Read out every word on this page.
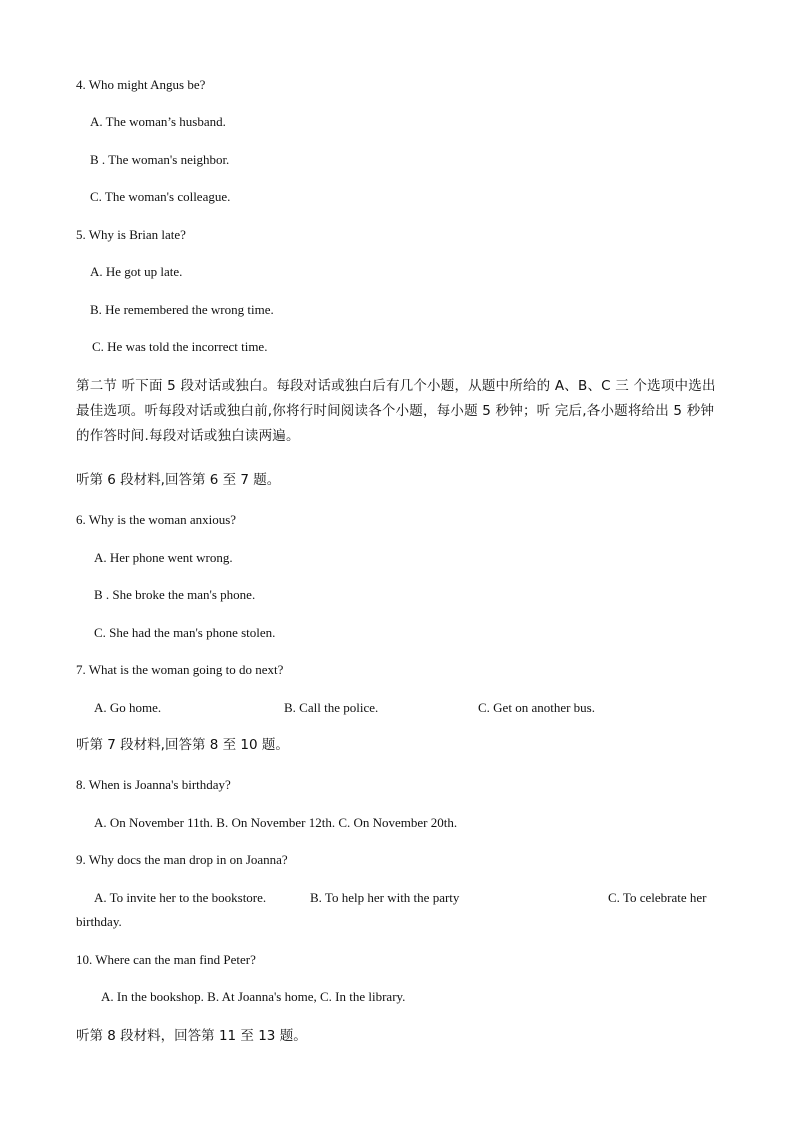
4. Who might Angus be?
A. The woman’s husband.
B . The woman's neighbor.
C. The woman's colleague.
5. Why is Brian late?
A. He got up late.
B. He remembered the wrong time.
C. He was told the incorrect time.
第二节 听下面 5 段对话或独白。每段对话或独白后有几个小题，从题中所给的 A、B、C 三 个选项中选出最佳选项。听每段对话或独白前,你将行时间阅读各个小题，每小题 5 秒钟；听 完后,各小题将给出 5 秒钟的作答时间.每段对话或独白读两遍。
听第 6 段材料,回答第 6 至 7 题。
6. Why is the woman anxious?
A. Her phone went wrong.
B . She broke the man's phone.
C. She had the man's phone stolen.
7. What is the woman going to do next?
A. Go home.	B. Call the police.	C. Get on another bus.
听第 7 段材料,回答第 8 至 10 题。
8. When is Joanna's birthday?
A. On November 11th. B. On November 12th. C. On November 20th.
9. Why docs the man drop in on Joanna?
A. To invite her to the bookstore.	B. To help her with the party	C. To celebrate her
birthday.
10. Where can the man find Peter?
A. In the bookshop. B. At Joanna's home, C. In the library.
听第 8 段材料，回答第 11 至 13 题。
